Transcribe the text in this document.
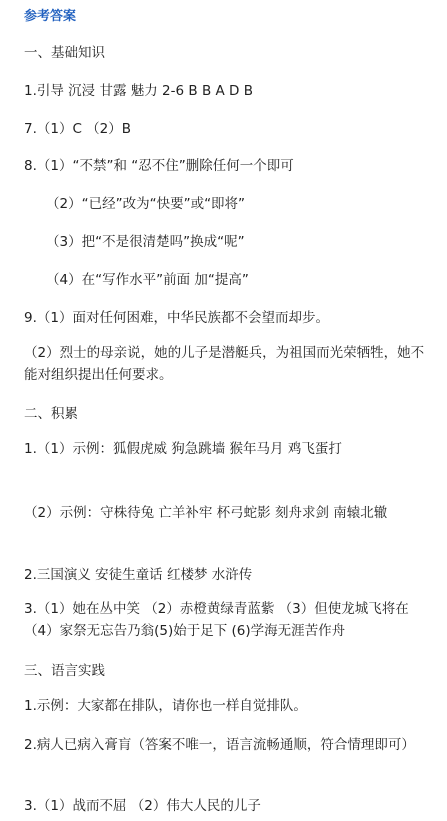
参考答案
一、基础知识
1.引导 沉浸 甘露 魅力 2-6 B B A D B
7.（1）C （2）B
8.（1）“不禁”和 “忍不住”删除任何一个即可
（2）“已经”改为“快要”或“即将”
（3）把“不是很清楚吗”换成“呢”
（4）在“写作水平”前面 加“提高”
9.（1）面对任何困难，中华民族都不会望而却步。
（2）烈士的母亲说，她的儿子是潜艇兵，为祖国而光荣牺牲，她不能对组织提出任何要求。
二、积累
1.（1）示例：狐假虎威 狗急跳墙 猴年马月 鸡飞蛋打
（2）示例：守株待兔 亡羊补牢 杯弓蛇影 刻舟求剑 南辕北辙
2.三国演义 安徒生童话 红楼梦 水浒传
3.（1）她在丛中笑 （2）赤橙黄绿青蓝紫 （3）但使龙城飞将在 （4）家祭无忘告乃翁(5)始于足下 (6)学海无涯苦作舟
三、语言实践
1.示例：大家都在排队，请你也一样自觉排队。
2.病人已病入膏肓（答案不唯一，语言流畅通顺，符合情理即可）
3.（1）战而不屈 （2）伟大人民的儿子
